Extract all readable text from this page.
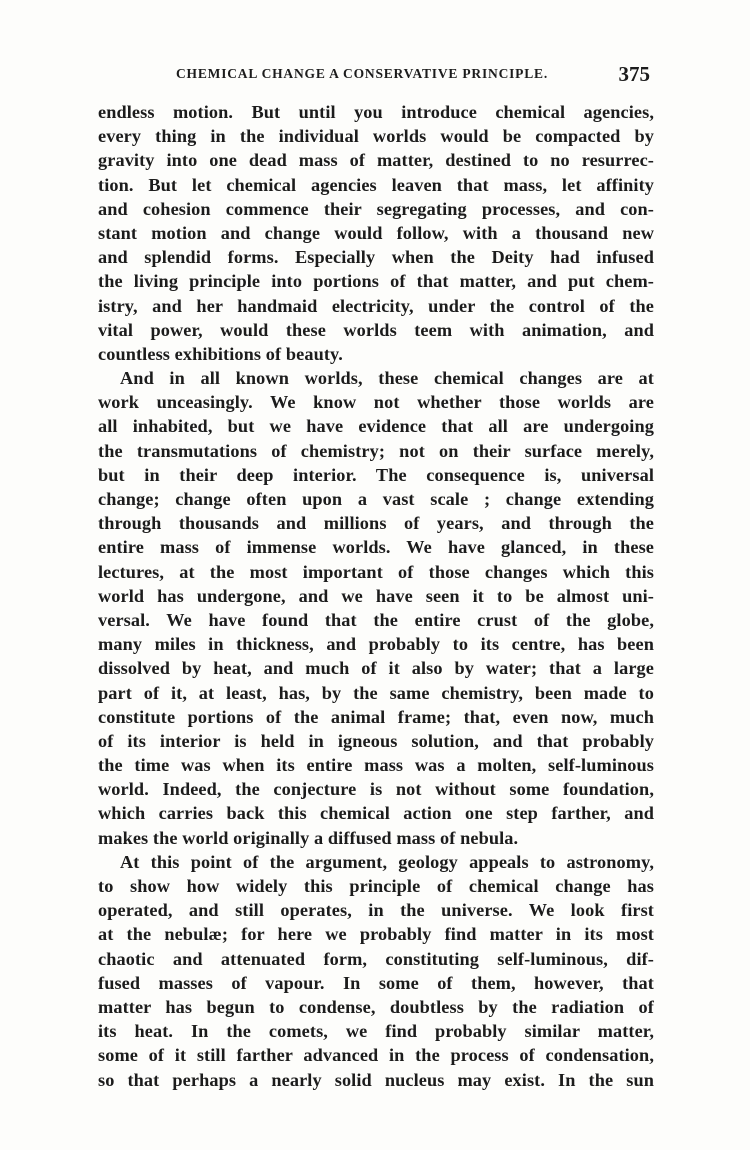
CHEMICAL CHANGE A CONSERVATIVE PRINCIPLE.	375
endless motion. But until you introduce chemical agencies,
every thing in the individual worlds would be compacted by
gravity into one dead mass of matter, destined to no resurrec-
tion. But let chemical agencies leaven that mass, let affinity
and cohesion commence their segregating processes, and con-
stant motion and change would follow, with a thousand new
and splendid forms. Especially when the Deity had infused
the living principle into portions of that matter, and put chem-
istry, and her handmaid electricity, under the control of the
vital power, would these worlds teem with animation, and
countless exhibitions of beauty.
And in all known worlds, these chemical changes are at
work unceasingly. We know not whether those worlds are
all inhabited, but we have evidence that all are undergoing
the transmutations of chemistry; not on their surface merely,
but in their deep interior. The consequence is, universal
change; change often upon a vast scale ; change extending
through thousands and millions of years, and through the
entire mass of immense worlds. We have glanced, in these
lectures, at the most important of those changes which this
world has undergone, and we have seen it to be almost uni-
versal. We have found that the entire crust of the globe,
many miles in thickness, and probably to its centre, has been
dissolved by heat, and much of it also by water; that a large
part of it, at least, has, by the same chemistry, been made to
constitute portions of the animal frame; that, even now, much
of its interior is held in igneous solution, and that probably
the time was when its entire mass was a molten, self-luminous
world. Indeed, the conjecture is not without some foundation,
which carries back this chemical action one step farther, and
makes the world originally a diffused mass of nebula.
At this point of the argument, geology appeals to astronomy,
to show how widely this principle of chemical change has
operated, and still operates, in the universe. We look first
at the nebulæ; for here we probably find matter in its most
chaotic and attenuated form, constituting self-luminous, dif-
fused masses of vapour. In some of them, however, that
matter has begun to condense, doubtless by the radiation of
its heat. In the comets, we find probably similar matter,
some of it still farther advanced in the process of condensation,
so that perhaps a nearly solid nucleus may exist. In the sun
